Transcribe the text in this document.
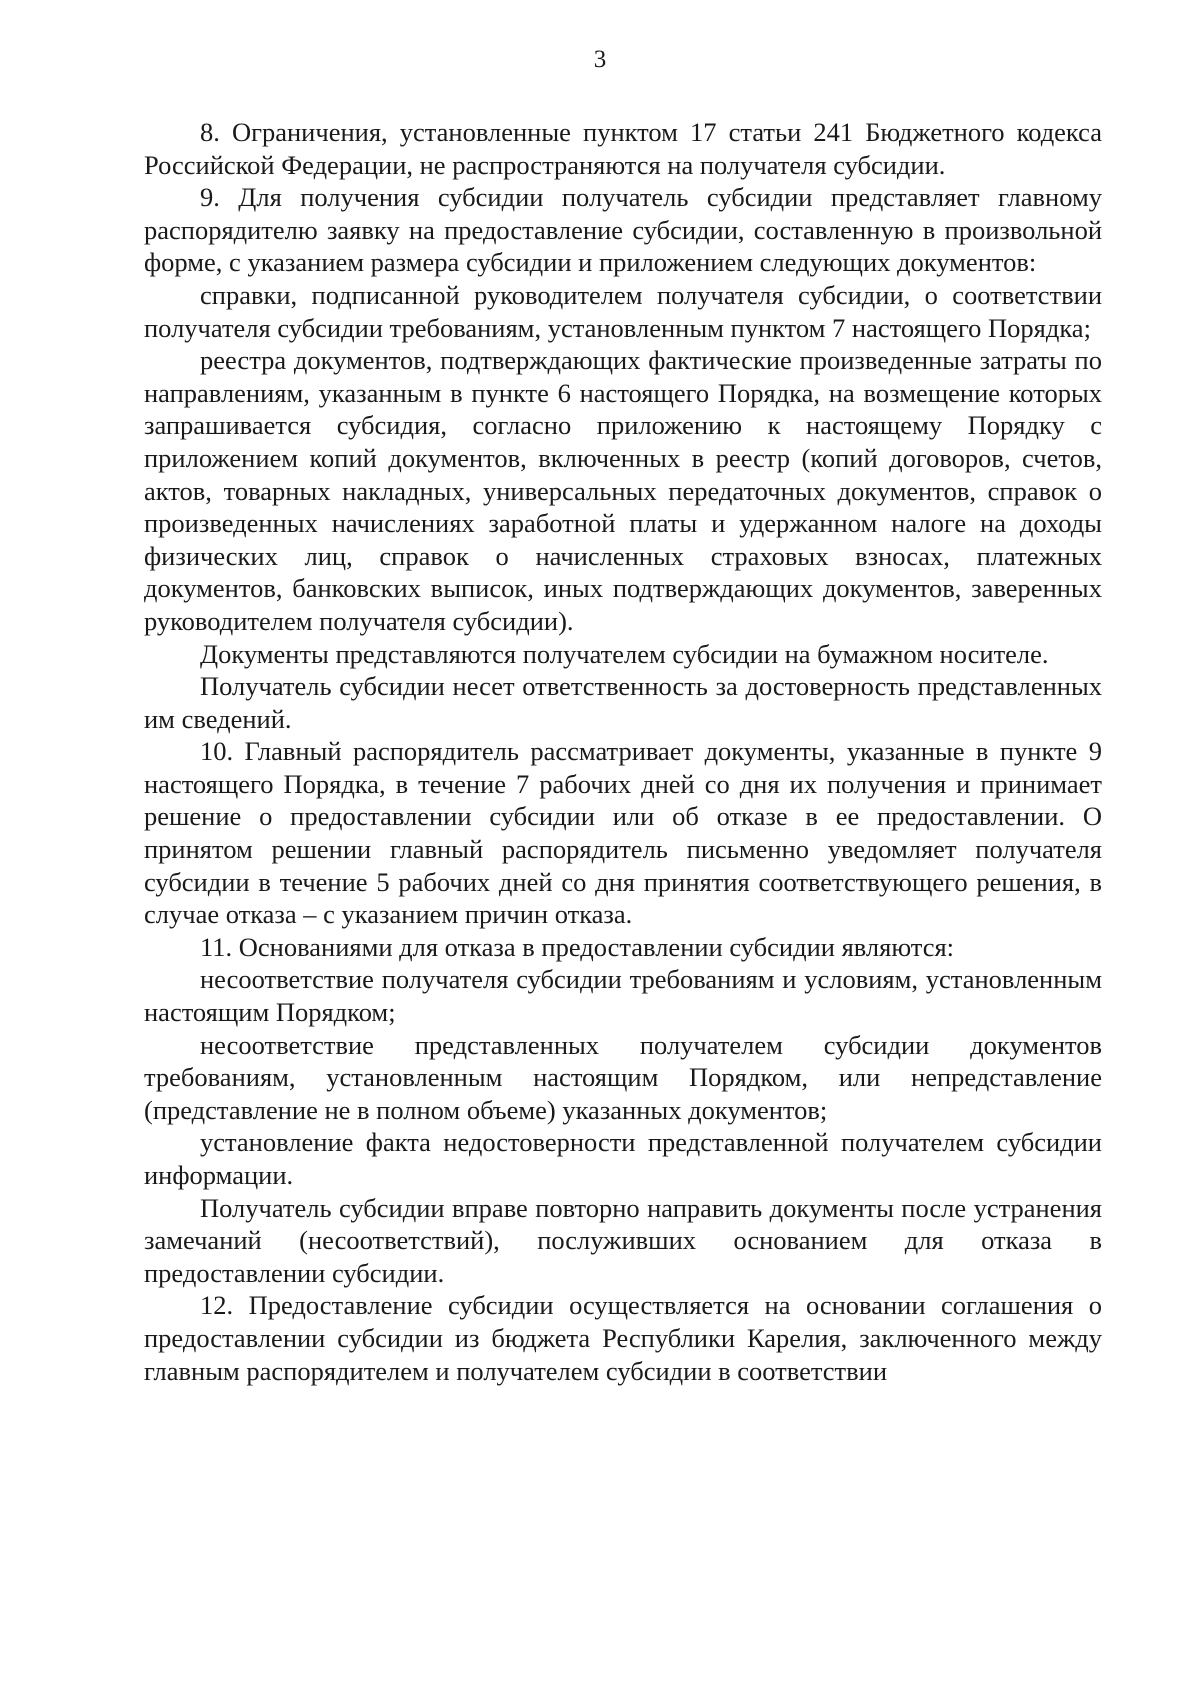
3

8. Ограничения, установленные пунктом 17 статьи 241 Бюджетного кодекса Российской Федерации, не распространяются на получателя субсидии.

9. Для получения субсидии получатель субсидии представляет главному распорядителю заявку на предоставление субсидии, составленную в произвольной форме, с указанием размера субсидии и приложением следующих документов:

справки, подписанной руководителем получателя субсидии, о соответствии получателя субсидии требованиям, установленным пунктом 7 настоящего Порядка;

реестра документов, подтверждающих фактические произведенные затраты по направлениям, указанным в пункте 6 настоящего Порядка, на возмещение которых запрашивается субсидия, согласно приложению к настоящему Порядку с приложением копий документов, включенных в реестр (копий договоров, счетов, актов, товарных накладных, универсальных передаточных документов, справок о произведенных начислениях заработной платы и удержанном налоге на доходы физических лиц, справок о начисленных страховых взносах, платежных документов, банковских выписок, иных подтверждающих документов, заверенных руководителем получателя субсидии).

Документы представляются получателем субсидии на бумажном носителе.

Получатель субсидии несет ответственность за достоверность представленных им сведений.

10. Главный распорядитель рассматривает документы, указанные в пункте 9 настоящего Порядка, в течение 7 рабочих дней со дня их получения и принимает решение о предоставлении субсидии или об отказе в ее предоставлении. О принятом решении главный распорядитель письменно уведомляет получателя субсидии в течение 5 рабочих дней со дня принятия соответствующего решения, в случае отказа – с указанием причин отказа.

11. Основаниями для отказа в предоставлении субсидии являются:

несоответствие получателя субсидии требованиям и условиям, установленным настоящим Порядком;

несоответствие представленных получателем субсидии документов требованиям, установленным настоящим Порядком, или непредставление (представление не в полном объеме) указанных документов;

установление факта недостоверности представленной получателем субсидии информации.

Получатель субсидии вправе повторно направить документы после устранения замечаний (несоответствий), послуживших основанием для отказа в предоставлении субсидии.

12. Предоставление субсидии осуществляется на основании соглашения о предоставлении субсидии из бюджета Республики Карелия, заключенного между главным распорядителем и получателем субсидии в соответствии
